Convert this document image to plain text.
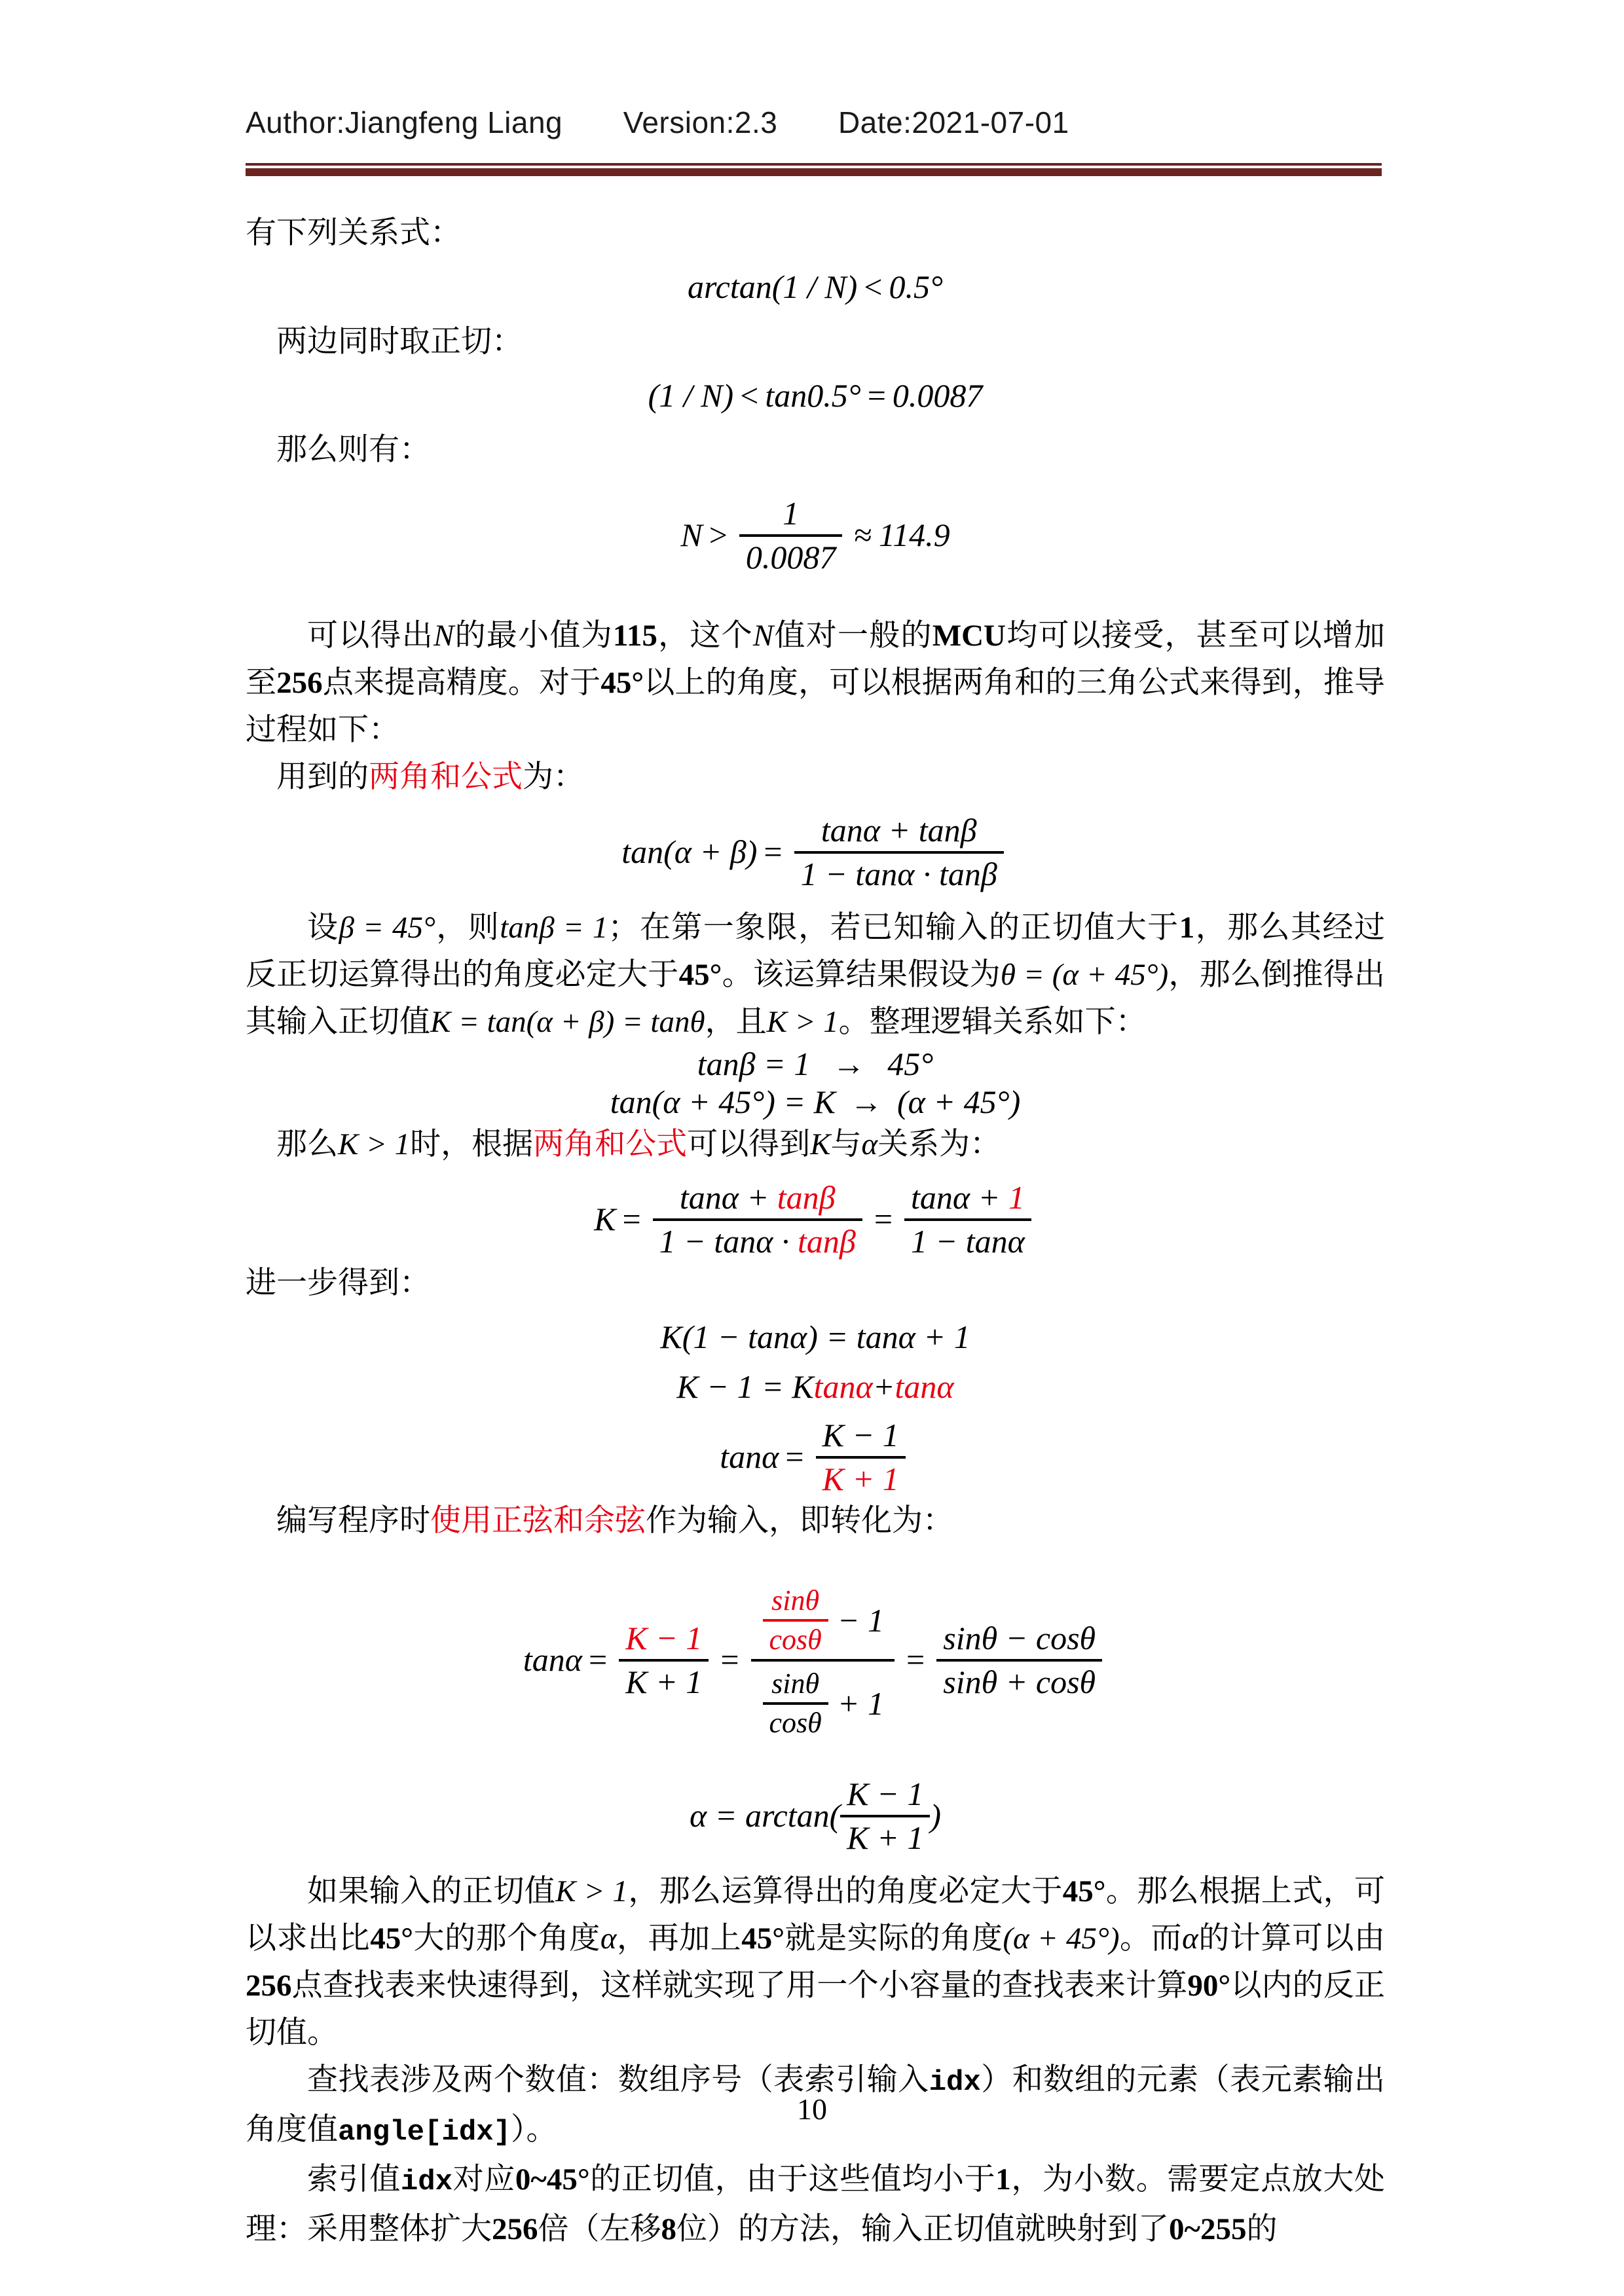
Author:Jiangfeng Liang Version:2.3 Date:2021-07-01

有下列关系式：

arctan (1 / N) < 0.5°

两边同时取正切：

(1 / N) < tan0.5° = 0.0087

那么则有：

$N > \frac{1}{0.0087} \approx 114.9$

可以得出N的最小值为115，这个N值对一般的MCU均可以接受，甚至可以增加至256点来提高精度。对于45°以上的角度，可以根据两角和的三角公式来得到，推导过程如下：

用到的两角和公式为：

$\tan(\alpha + \beta) = \frac{\tan\alpha + \tan\beta}{1 - \tan\alpha \cdot \tan\beta}$

设β = 45°，则tanβ = 1；在第一象限，若已知输入的正切值大于1，那么其经过反正切运算得出的角度必定大于45°。该运算结果假设为θ = (α + 45°)，那么倒推得出其输入正切值K = tan(α + β) = tanθ，且K > 1。整理逻辑关系如下：

tanβ = 1 → 45°
tan(α + 45°) = K → (α + 45°)

那么K > 1时，根据两角和公式可以得到K与α关系为：

$K = \frac{\tan\alpha + \tan\beta}{1 - \tan\alpha \cdot \tan\beta} = \frac{\tan\alpha + 1}{1 - \tan\alpha}$

进一步得到：

K(1 − tanα) = tanα + 1
K − 1 = K tanα + tanα
$\tan\alpha = \frac{K - 1}{K + 1}$

编写程序时使用正弦和余弦作为输入，即转化为：

$\tan\alpha = \frac{K - 1}{K + 1}$ =
$\frac{\sin\theta}{\cos\theta} - 1$
$\frac{\sin\theta}{\cos\theta} + 1$
= $\frac{\sin\theta - \cos\theta}{\sin\theta + \cos\theta}$
$\alpha = \arctan( \frac{K - 1}{K + 1}$ )

如果输入的正切值K > 1，那么运算得出的角度必定大于45°。那么根据上式，可以求出比45°大的那个角度α，再加上45°就是实际的角度(α + 45°)。而α的计算可以由256点查找表来快速得到，这样就实现了用一个小容量的查找表来计算90°以内的反正切值。

查找表涉及两个数值：数组序号（表索引输入idx）和数组的元素（表元素输出角度值angle[idx]）。

索引值idx对应0~45°的正切值，由于这些值均小于1，为小数。需要定点放大处理：采用整体扩大256倍（左移8位）的方法，输入正切值就映射到了0~255的

10
